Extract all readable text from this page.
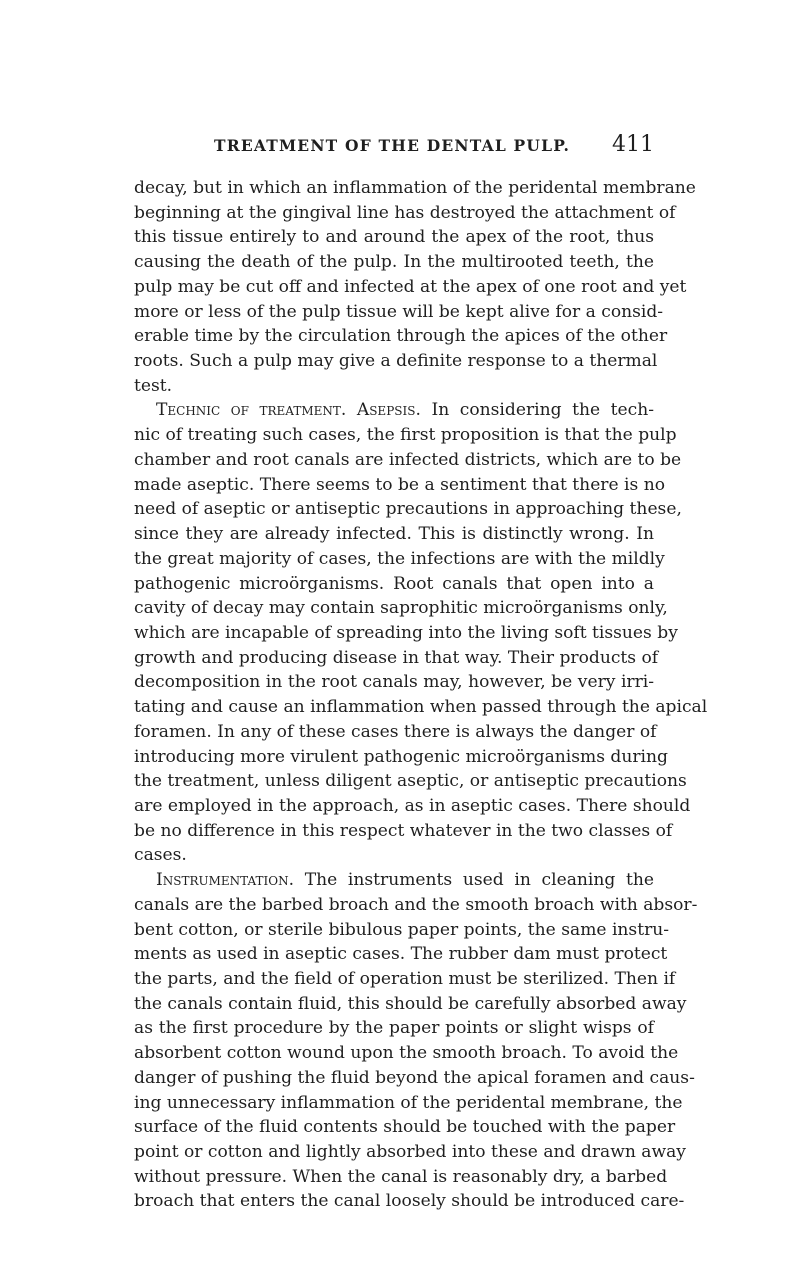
TREATMENT OF THE DENTAL PULP. 411
decay, but in which an inflammation of the peridental membrane
beginning at the gingival line has destroyed the attachment of
this tissue entirely to and around the apex of the root, thus
causing the death of the pulp. In the multirooted teeth, the
pulp may be cut off and infected at the apex of one root and yet
more or less of the pulp tissue will be kept alive for a consid-
erable time by the circulation through the apices of the other
roots. Such a pulp may give a definite response to a thermal
test.
Technic of treatment. Asepsis. In considering the tech-
nic of treating such cases, the first proposition is that the pulp
chamber and root canals are infected districts, which are to be
made aseptic. There seems to be a sentiment that there is no
need of aseptic or antiseptic precautions in approaching these,
since they are already infected. This is distinctly wrong. In
the great majority of cases, the infections are with the mildly
pathogenic microörganisms. Root canals that open into a
cavity of decay may contain saprophitic microörganisms only,
which are incapable of spreading into the living soft tissues by
growth and producing disease in that way. Their products of
decomposition in the root canals may, however, be very irri-
tating and cause an inflammation when passed through the apical
foramen. In any of these cases there is always the danger of
introducing more virulent pathogenic microörganisms during
the treatment, unless diligent aseptic, or antiseptic precautions
are employed in the approach, as in aseptic cases. There should
be no difference in this respect whatever in the two classes of
cases.
Instrumentation. The instruments used in cleaning the
canals are the barbed broach and the smooth broach with absor-
bent cotton, or sterile bibulous paper points, the same instru-
ments as used in aseptic cases. The rubber dam must protect
the parts, and the field of operation must be sterilized. Then if
the canals contain fluid, this should be carefully absorbed away
as the first procedure by the paper points or slight wisps of
absorbent cotton wound upon the smooth broach. To avoid the
danger of pushing the fluid beyond the apical foramen and caus-
ing unnecessary inflammation of the peridental membrane, the
surface of the fluid contents should be touched with the paper
point or cotton and lightly absorbed into these and drawn away
without pressure. When the canal is reasonably dry, a barbed
broach that enters the canal loosely should be introduced care-
